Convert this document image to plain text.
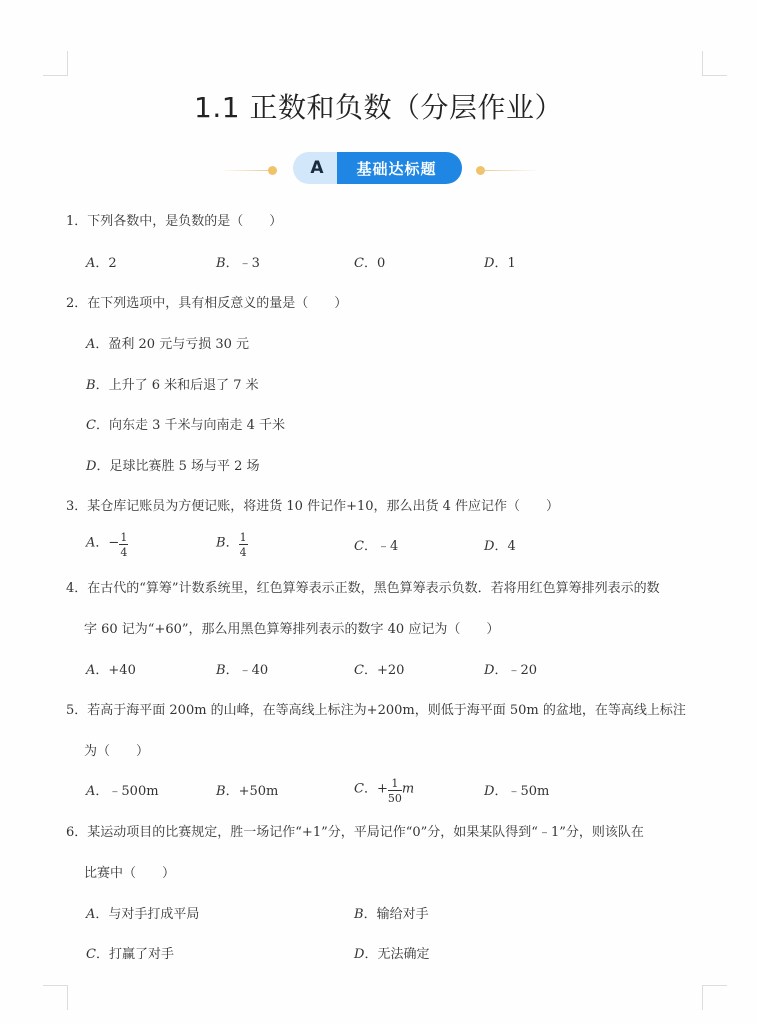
1.1 正数和负数（分层作业）
A	基础达标题
1．下列各数中，是负数的是（　　）
A．2	B．﹣3	C．0	D．1
2．在下列选项中，具有相反意义的量是（　　）
A．盈利 20 元与亏损 30 元
B．上升了 6 米和后退了 7 米
C．向东走 3 千米与向南走 4 千米
D．足球比赛胜 5 场与平 2 场
3．某仓库记账员为方便记账，将进货 10 件记作+10，那么出货 4 件应记作（　　）
A．− $\frac{1}{4}$	B． $\frac{1}{4}$	C．﹣4	D．4
4．在古代的“算筹”计数系统里，红色算筹表示正数，黑色算筹表示负数．若将用红色算筹排列表示的数
字 60 记为“+60”，那么用黑色算筹排列表示的数字 40 应记为（　　）
A．+40	B．﹣40	C．+20	D．﹣20
5．若高于海平面 200m 的山峰，在等高线上标注为+200m，则低于海平面 50m 的盆地，在等高线上标注
为（　　）
A．﹣500m	B．+50m	C．+ $\frac{1}{50}$ m	D．﹣50m
6．某运动项目的比赛规定，胜一场记作“+1”分，平局记作“0”分，如果某队得到“﹣1”分，则该队在
比赛中（　　）
A．与对手打成平局	B．输给对手
C．打赢了对手	D．无法确定
